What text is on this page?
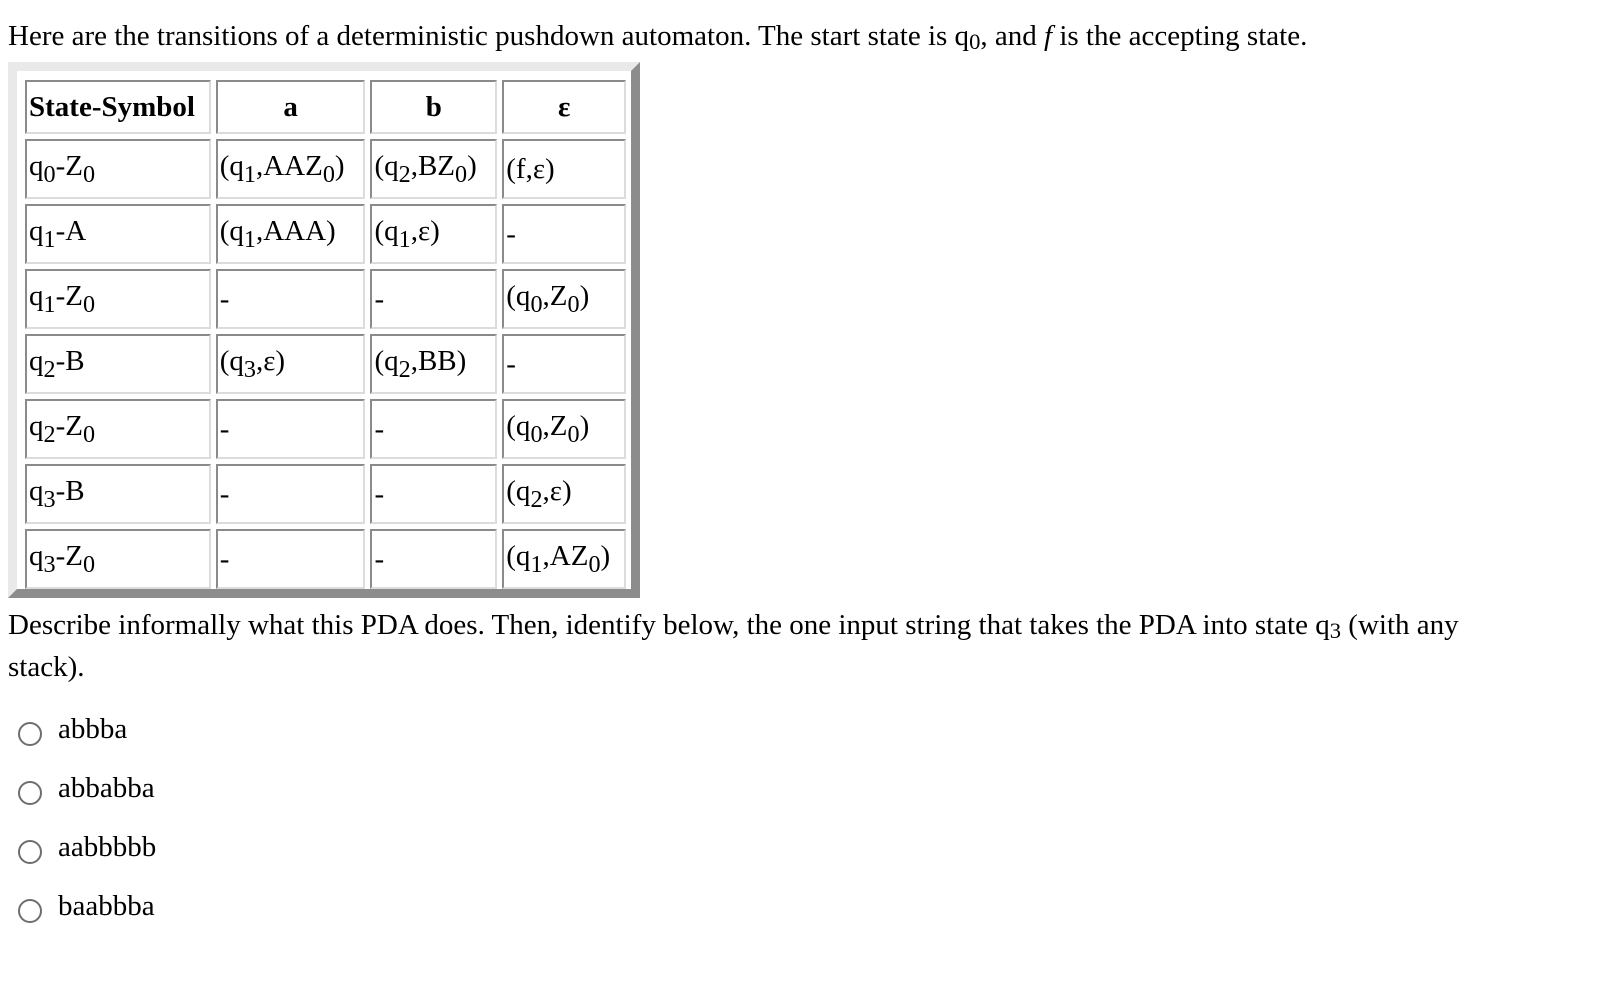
Here are the transitions of a deterministic pushdown automaton. The start state is $q_0$, and f is the accepting state.
State-Symbol	a	b	ε
$q_0-Z_0$	$(q_1,AAZ_0)$	$(q_2,BZ_0)$	(f,ε)
$q_1-A$	$(q_1,AAA)$	$(q_1,\varepsilon)$	-
$q_1-Z_0$	-	-	$(q_0,Z_0)$
$q_2-B$	$(q_3,\varepsilon)$	$(q_2,BB)$	-
$q_2-Z_0$	-	-	$(q_0,Z_0)$
$q_3-B$	-	-	$(q_2,\varepsilon)$
$q_3-Z_0$	-	-	$(q_1,AZ_0)$
Describe informally what this PDA does. Then, identify below, the one input string that takes the PDA into state $q_3$ (with any stack).
abbba
abbabba
aabbbbb
baabbba
